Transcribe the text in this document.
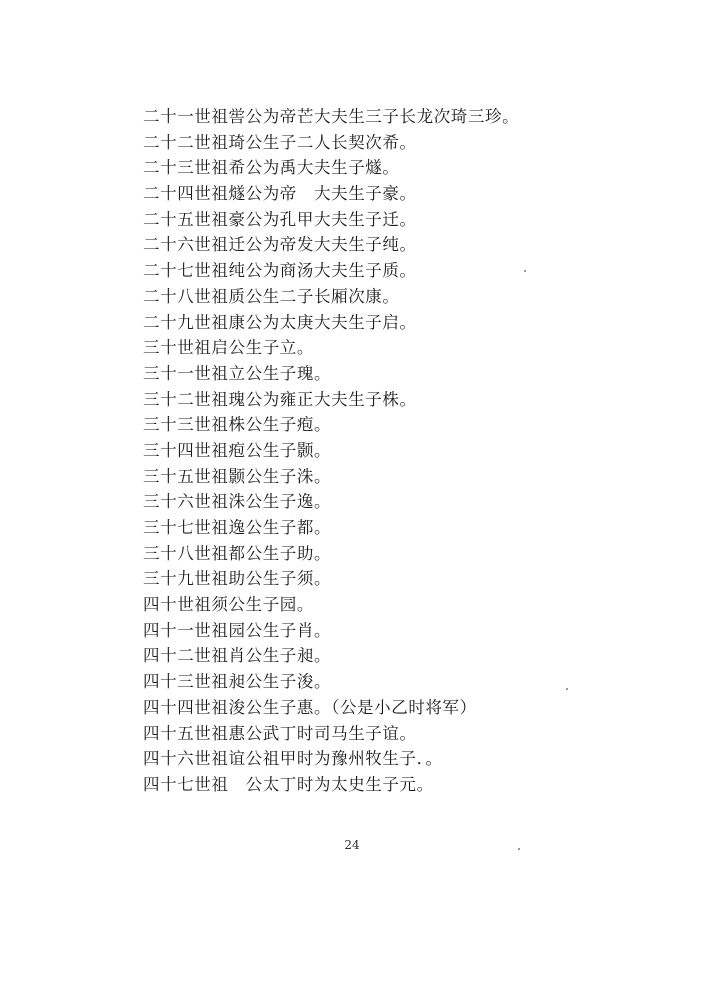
二十一世祖喾公为帝芒大夫生三子长龙次琦三珍。
二十二世祖琦公生子二人长契次希。
二十三世祖希公为禹大夫生子燧。
二十四世祖燧公为帝　大夫生子豪。
二十五世祖豪公为孔甲大夫生子迁。
二十六世祖迁公为帝发大夫生子纯。
二十七世祖纯公为商汤大夫生子质。
二十八世祖质公生二子长厢次康。
二十九世祖康公为太庚大夫生子启。
三十世祖启公生子立。
三十一世祖立公生子瑰。
三十二世祖瑰公为雍正大夫生子株。
三十三世祖株公生子疱。
三十四世祖疱公生子颢。
三十五世祖颢公生子洙。
三十六世祖洙公生子逸。
三十七世祖逸公生子都。
三十八世祖都公生子助。
三十九世祖助公生子须。
四十世祖须公生子园。
四十一世祖园公生子肖。
四十二世祖肖公生子昶。
四十三世祖昶公生子浚。
四十四世祖浚公生子惠。（公是小乙时将军）
四十五世祖惠公武丁时司马生子谊。
四十六世祖谊公祖甲时为豫州牧生子．。
四十七世祖　公太丁时为太史生子元。
24
